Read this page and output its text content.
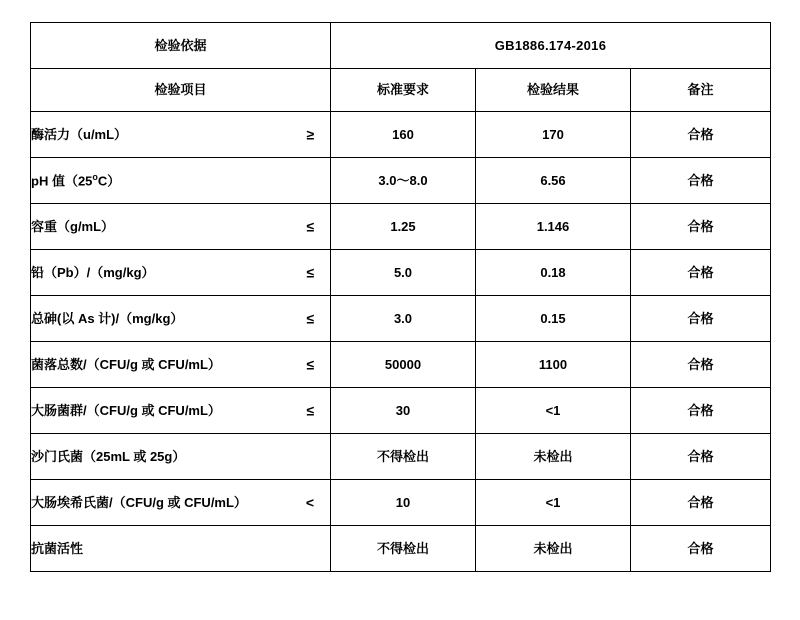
检验依据	GB1886.174-2016		
检验项目	标准要求	检验结果	备注
酶活力（u/mL） ≥	160	170	合格
pH 值（25$^o$C）	3.0～8.0	6.56	合格
容重（g/mL） ≤	1.25	1.146	合格
铅（Pb）/（mg/kg） ≤	5.0	0.18	合格
总砷(以 As 计)/（mg/kg） ≤	3.0	0.15	合格
菌落总数/（CFU/g 或 CFU/mL） ≤	50000	1100	合格
大肠菌群/（CFU/g 或 CFU/mL） ≤	30	<1	合格
沙门氏菌（25mL 或 25g）	不得检出	未检出	合格
大肠埃希氏菌/（CFU/g 或 CFU/mL） <	10	<1	合格
抗菌活性	不得检出	未检出	合格
